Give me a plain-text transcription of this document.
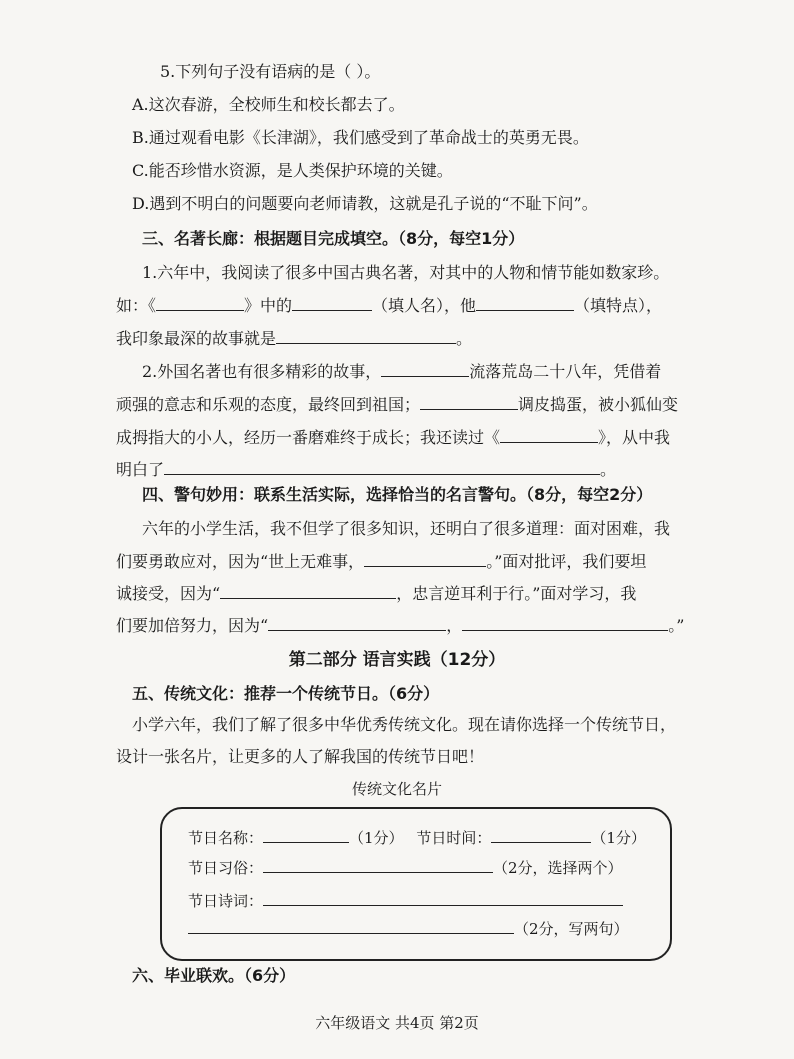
5.下列句子没有语病的是（ ）。
A.这次春游，全校师生和校长都去了。
B.通过观看电影《长津湖》，我们感受到了革命战士的英勇无畏。
C.能否珍惜水资源，是人类保护环境的关键。
D.遇到不明白的问题要向老师请教，这就是孔子说的“不耻下问”。
三、名著长廊：根据题目完成填空。（8分，每空1分）
1.六年中，我阅读了很多中国古典名著，对其中的人物和情节能如数家珍。
如：《	》中的	（填人名），他	（填特点），
我印象最深的故事就是	。
2.外国名著也有很多精彩的故事，	流落荒岛二十八年，凭借着
顽强的意志和乐观的态度，最终回到祖国；	调皮捣蛋，被小狐仙变
成拇指大的小人，经历一番磨难终于成长；我还读过《	》，从中我
明白了	。
四、警句妙用：联系生活实际，选择恰当的名言警句。（8分，每空2分）
六年的小学生活，我不但学了很多知识，还明白了很多道理：面对困难，我
们要勇敢应对，因为“世上无难事，	。”面对批评，我们要坦
诚接受，因为“	，忠言逆耳利于行。”面对学习，我
们要加倍努力，因为“	，	。”
第二部分 语言实践（12分）
五、传统文化：推荐一个传统节日。（6分）
小学六年，我们了解了很多中华优秀传统文化。现在请你选择一个传统节日，
设计一张名片，让更多的人了解我国的传统节日吧！
传统文化名片
节日名称：	（1分） 节日时间：	（1分）
节日习俗：	（2分，选择两个）
节日诗词：
（2分，写两句）
六、毕业联欢。（6分）
六年级语文 共4页 第2页
